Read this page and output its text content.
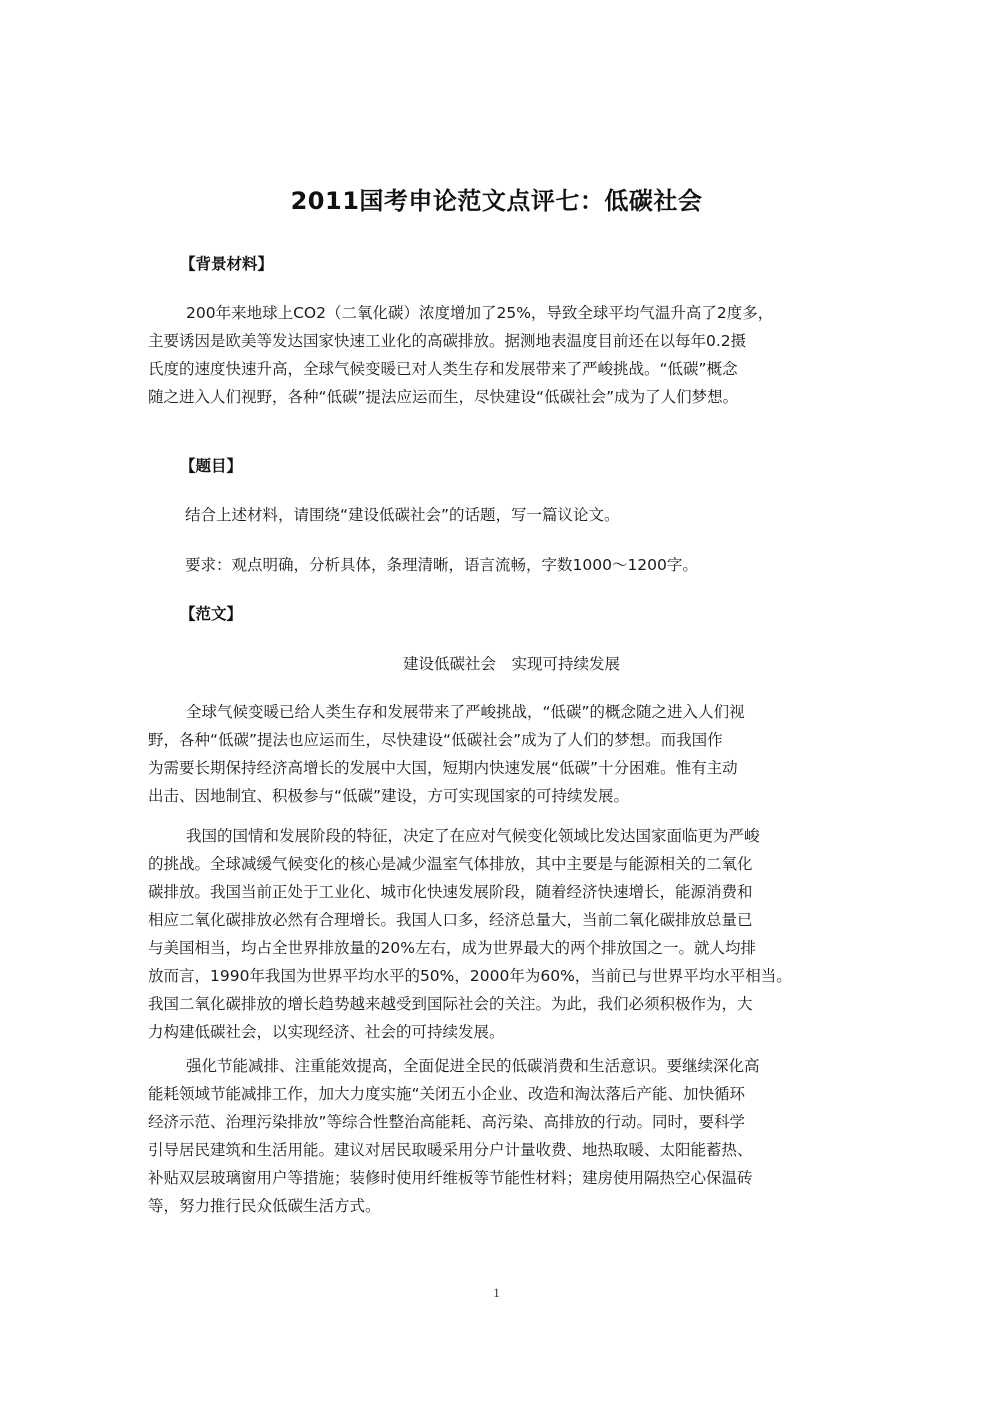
2011国考申论范文点评七：低碳社会
【背景材料】
200年来地球上CO2（二氧化碳）浓度增加了25%，导致全球平均气温升高了2度多，
主要诱因是欧美等发达国家快速工业化的高碳排放。据测地表温度目前还在以每年0.2摄
氏度的速度快速升高，全球气候变暖已对人类生存和发展带来了严峻挑战。“低碳”概念
随之进入人们视野，各种“低碳”提法应运而生，尽快建设“低碳社会”成为了人们梦想。
【题目】
结合上述材料，请围绕“建设低碳社会”的话题，写一篇议论文。
要求：观点明确，分析具体，条理清晰，语言流畅，字数1000～1200字。
【范文】
建设低碳社会　实现可持续发展
全球气候变暖已给人类生存和发展带来了严峻挑战，“低碳”的概念随之进入人们视
野，各种“低碳”提法也应运而生，尽快建设“低碳社会”成为了人们的梦想。而我国作
为需要长期保持经济高增长的发展中大国，短期内快速发展“低碳”十分困难。惟有主动
出击、因地制宜、积极参与“低碳”建设，方可实现国家的可持续发展。
我国的国情和发展阶段的特征，决定了在应对气候变化领域比发达国家面临更为严峻
的挑战。全球减缓气候变化的核心是减少温室气体排放，其中主要是与能源相关的二氧化
碳排放。我国当前正处于工业化、城市化快速发展阶段，随着经济快速增长，能源消费和
相应二氧化碳排放必然有合理增长。我国人口多，经济总量大，当前二氧化碳排放总量已
与美国相当，均占全世界排放量的20%左右，成为世界最大的两个排放国之一。就人均排
放而言，1990年我国为世界平均水平的50%，2000年为60%，当前已与世界平均水平相当。
我国二氧化碳排放的增长趋势越来越受到国际社会的关注。为此，我们必须积极作为，大
力构建低碳社会，以实现经济、社会的可持续发展。
强化节能减排、注重能效提高，全面促进全民的低碳消费和生活意识。要继续深化高
能耗领域节能减排工作，加大力度实施“关闭五小企业、改造和淘汰落后产能、加快循环
经济示范、治理污染排放”等综合性整治高能耗、高污染、高排放的行动。同时，要科学
引导居民建筑和生活用能。建议对居民取暖采用分户计量收费、地热取暖、太阳能蓄热、
补贴双层玻璃窗用户等措施；装修时使用纤维板等节能性材料；建房使用隔热空心保温砖
等，努力推行民众低碳生活方式。
1
